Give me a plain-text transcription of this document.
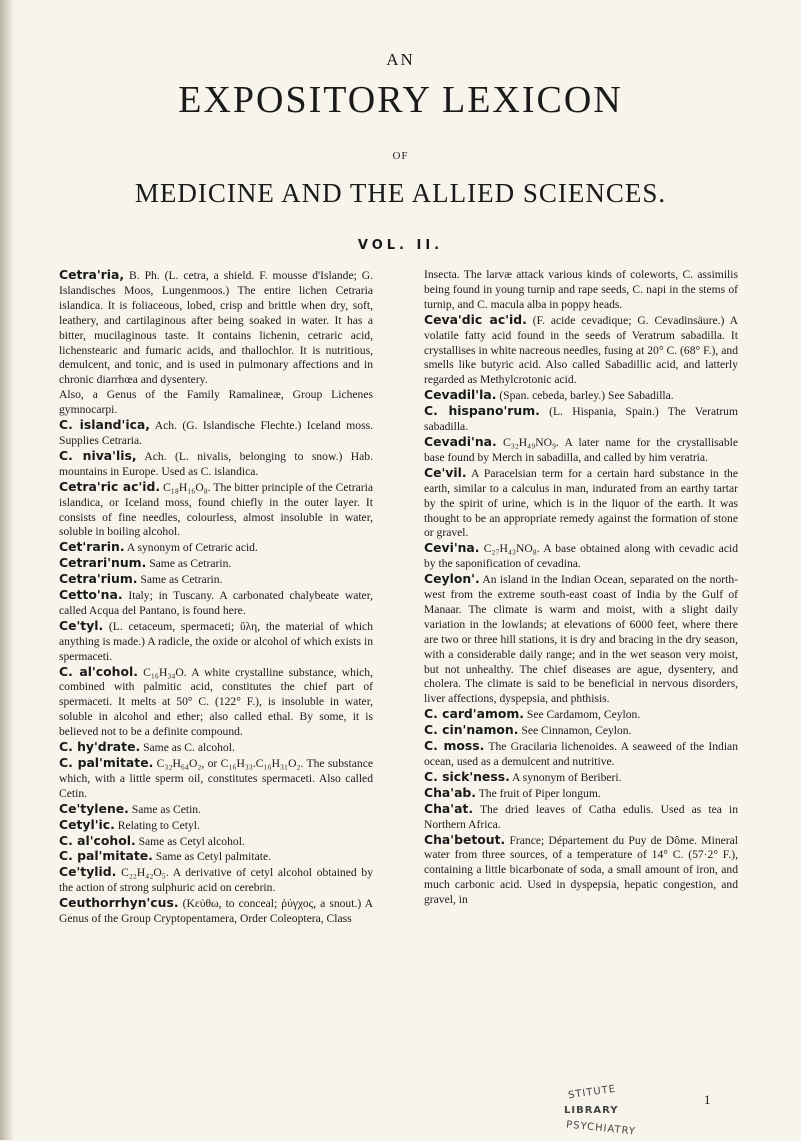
AN
EXPOSITORY LEXICON
OF
MEDICINE AND THE ALLIED SCIENCES.
VOL. II.

Cetra'ria, B. Ph. (L. cetra, a shield. F. mousse d'Islande; G. Islandisches Moos, Lungenmoos.) The entire lichen Cetraria islandica. It is foliaceous, lobed, crisp and brittle when dry, soft, leathery, and cartilaginous after being soaked in water. It has a bitter, mucilaginous taste. It contains lichenin, cetraric acid, lichenstearic and fumaric acids, and thallochlor. It is nutritious, demulcent, and tonic, and is used in pulmonary affections and in chronic diarrhœa and dysentery.

Also, a Genus of the Family Ramalineæ, Group Lichenes gymnocarpi.

C. island'ica, Ach. (G. Islandische Flechte.) Iceland moss. Supplies Cetraria.

C. niva'lis, Ach. (L. nivalis, belonging to snow.) Hab. mountains in Europe. Used as C. islandica.

Cetra'ric ac'id. C₁₈H₁₆O₈. The bitter principle of the Cetraria islandica, or Iceland moss, found chiefly in the outer layer. It consists of fine needles, colourless, almost insoluble in water, soluble in boiling alcohol.

Cet'rarin. A synonym of Cetraric acid.

Cetrari'num. Same as Cetrarin.

Cetra'rium. Same as Cetrarin.

Cetto'na. Italy; in Tuscany. A carbonated chalybeate water, called Acqua del Pantano, is found here.

Ce'tyl. (L. cetaceum, spermaceti; ὕλη, the material of which anything is made.) A radicle, the oxide or alcohol of which exists in spermaceti.

C. al'cohol. C₁₆H₃₄O. A white crystalline substance, which, combined with palmitic acid, constitutes the chief part of spermaceti. It melts at 50° C. (122° F.), is insoluble in water, soluble in alcohol and ether; also called ethal. By some, it is believed not to be a definite compound.

C. hy'drate. Same as C. alcohol.

C. pal'mitate. C₃₂H₆₄O₂, or C₁₆H₃₃.C₁₆H₃₁O₂. The substance which, with a little sperm oil, constitutes spermaceti. Also called Cetin.

Ce'tylene. Same as Cetin.

Cetyl'ic. Relating to Cetyl.

C. al'cohol. Same as Cetyl alcohol.

C. pal'mitate. Same as Cetyl palmitate.

Ce'tylid. C₂₂H₄₂O₅. A derivative of cetyl alcohol obtained by the action of strong sulphuric acid on cerebrin.

Ceuthorrhyn'cus. (Κεύθω, to conceal; ῥύγχος, a snout.) A Genus of the Group Cryptopentamera, Order Coleoptera, Class

Insecta. The larvæ attack various kinds of coleworts, C. assimilis being found in young turnip and rape seeds, C. napi in the stems of turnip, and C. macula alba in poppy heads.

Ceva'dic ac'id. (F. acide cevadique; G. Cevadinsäure.) A volatile fatty acid found in the seeds of Veratrum sabadilla. It crystallises in white nacreous needles, fusing at 20° C. (68° F.), and smells like butyric acid. Also called Sabadillic acid, and latterly regarded as Methylcrotonic acid.

Cevadil'la. (Span. cebeda, barley.) See Sabadilla.

C. hispano'rum. (L. Hispania, Spain.) The Veratrum sabadilla.

Cevadi'na. C₃₂H₄₉NO₉. A later name for the crystallisable base found by Merch in sabadilla, and called by him veratria.

Ce'vil. A Paracelsian term for a certain hard substance in the earth, similar to a calculus in man, indurated from an earthy tartar by the spirit of urine, which is in the liquor of the earth. It was thought to be an appropriate remedy against the formation of stone or gravel.

Cevi'na. C₂₇H₄₃NO₈. A base obtained along with cevadic acid by the saponification of cevadina.

Ceylon'. An island in the Indian Ocean, separated on the north-west from the extreme south-east coast of India by the Gulf of Manaar. The climate is warm and moist, with a slight daily variation in the lowlands; at elevations of 6000 feet, where there are two or three hill stations, it is dry and bracing in the dry season, with a considerable daily range; and in the wet season very moist, but not unhealthy. The chief diseases are ague, dysentery, and cholera. The climate is said to be beneficial in nervous disorders, liver affections, dyspepsia, and phthisis.

C. card'amom. See Cardamom, Ceylon.

C. cin'namon. See Cinnamon, Ceylon.

C. moss. The Gracilaria lichenoides. A seaweed of the Indian ocean, used as a demulcent and nutritive.

C. sick'ness. A synonym of Beriberi.

Cha'ab. The fruit of Piper longum.

Cha'at. The dried leaves of Catha edulis. Used as tea in Northern Africa.

Cha'betout. France; Département du Puy de Dôme. Mineral water from three sources, of a temperature of 14° C. (57·2° F.), containing a little bicarbonate of soda, a small amount of iron, and much carbonic acid. Used in dyspepsia, hepatic congestion, and gravel, in

STITUTE
LIBRARY
PSYCHIATRY
1
